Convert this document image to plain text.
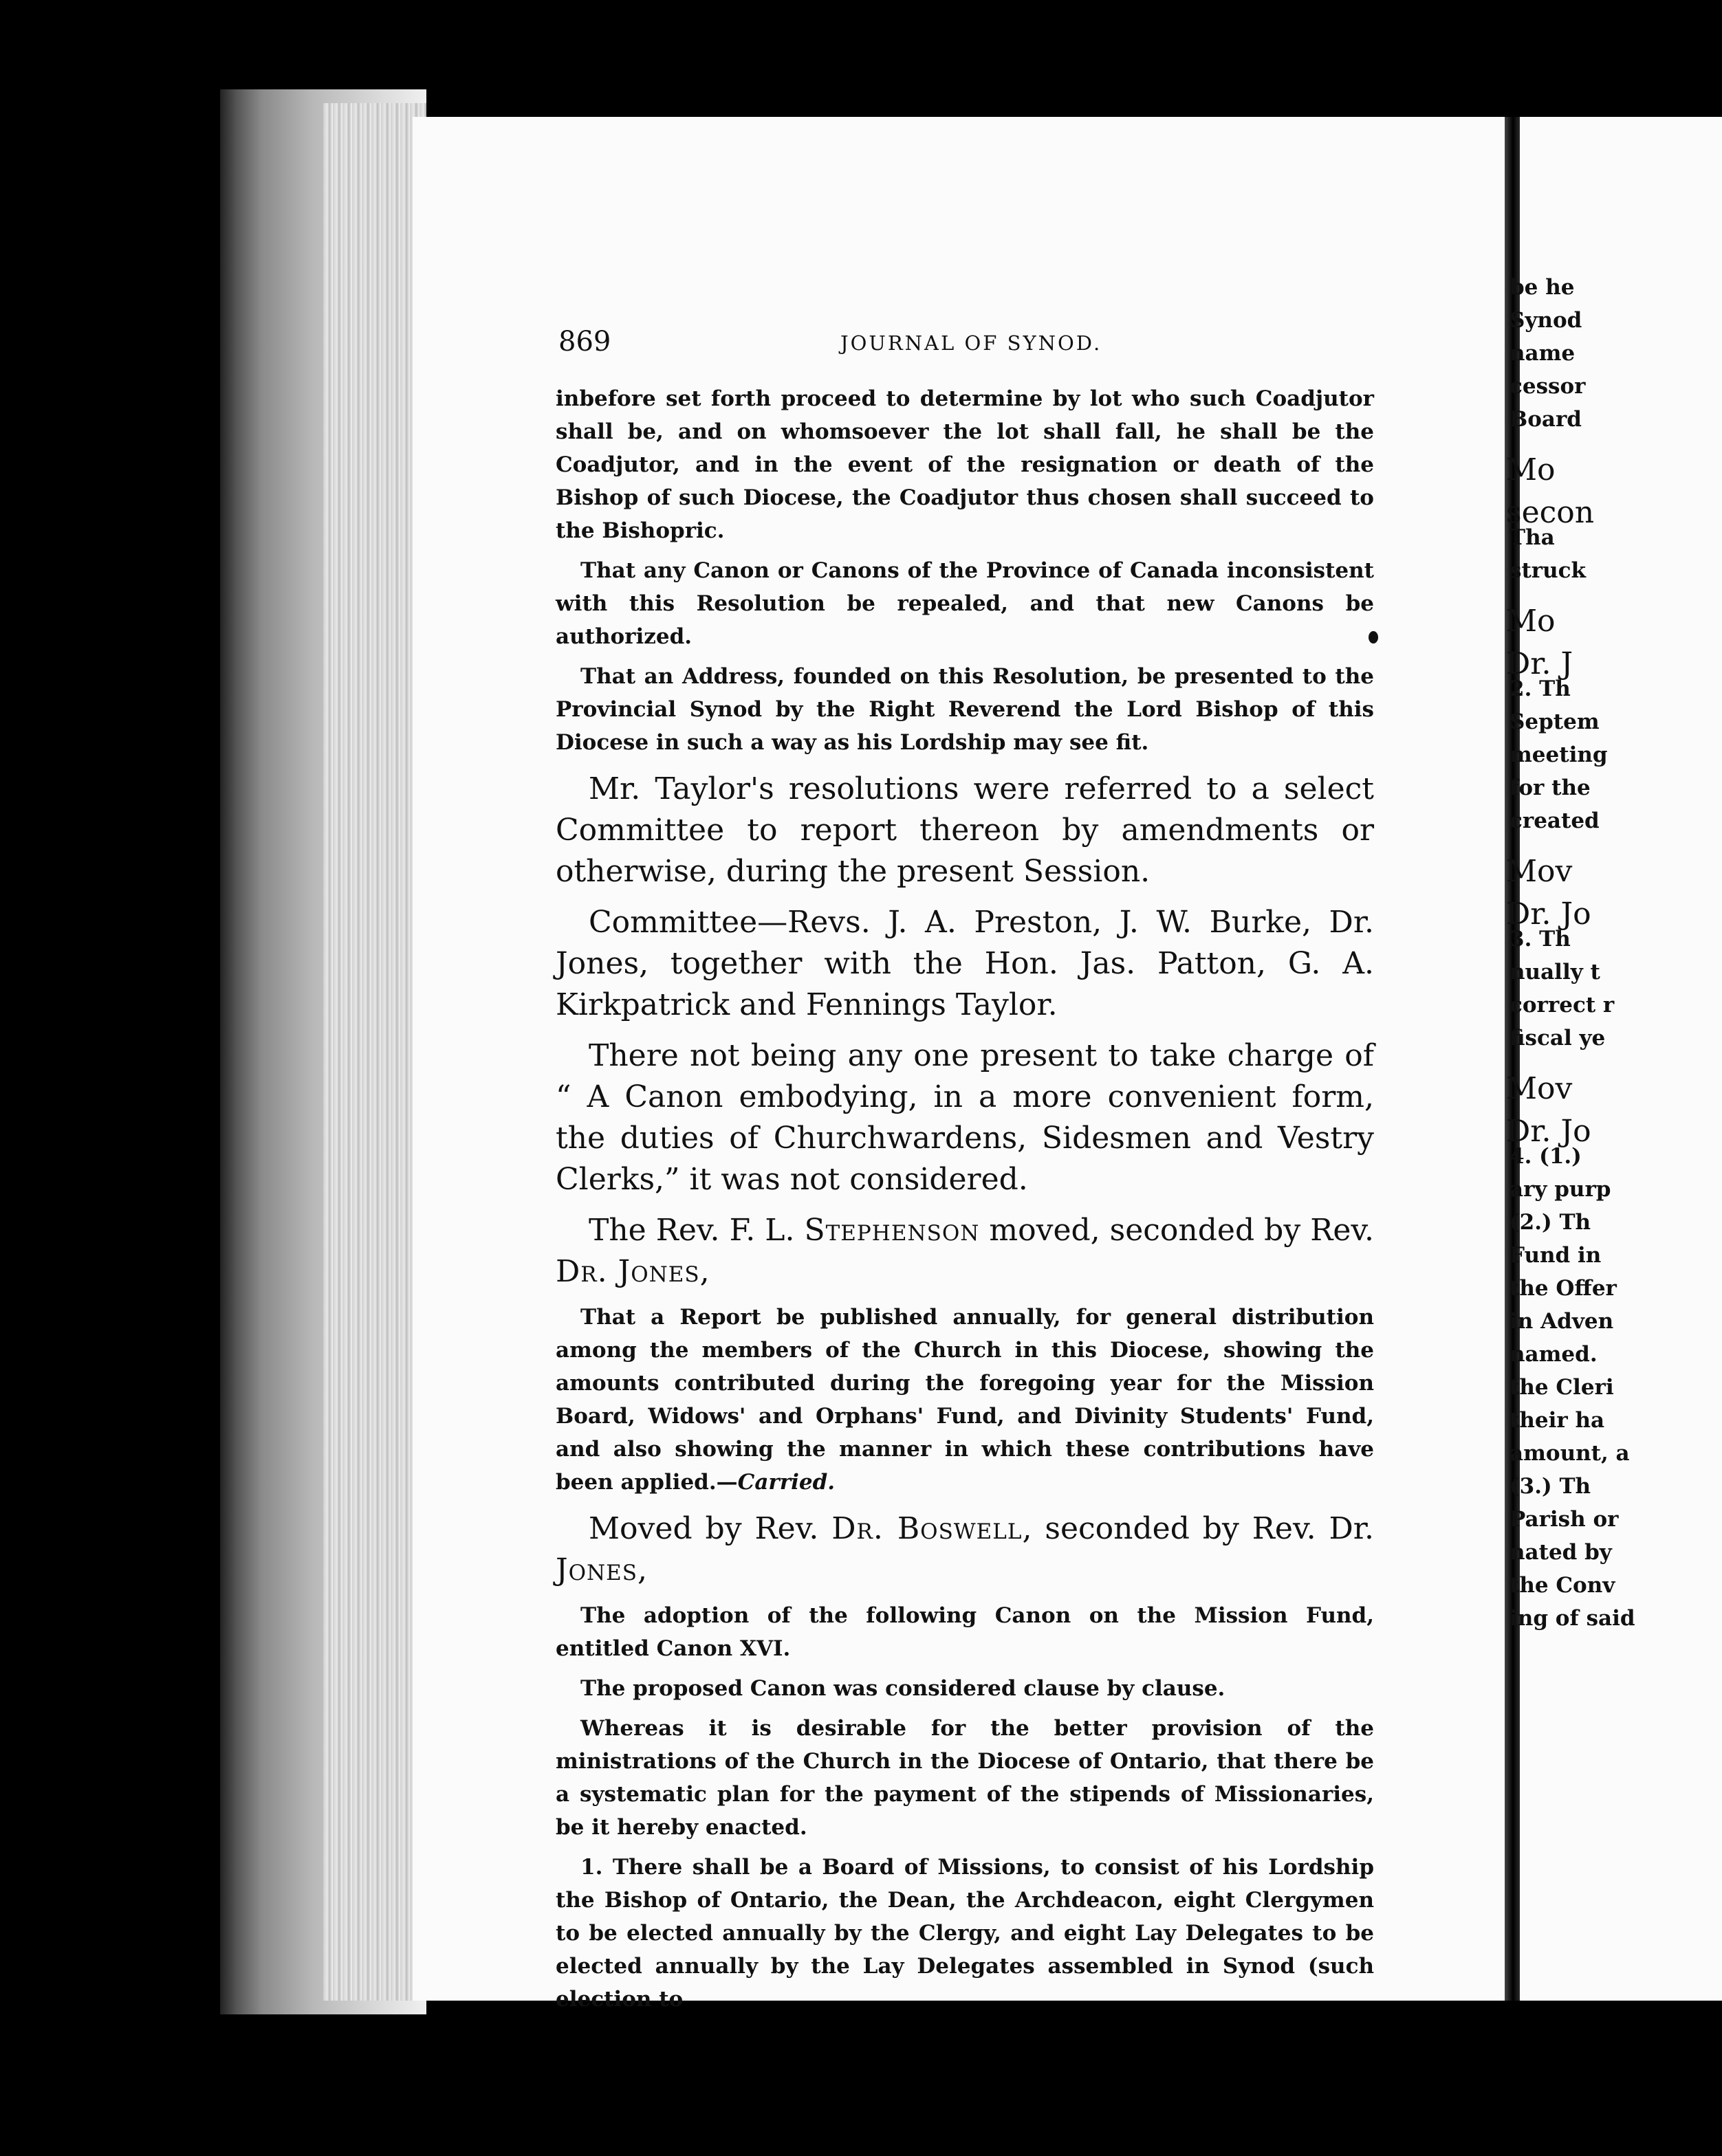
be he
Synod
name
cessor
Board
Mo
secon
Tha
struck
Mo
Dr. J
2. Th
Septem
meeting
for the
created
Mov
Dr. Jo
3. Th
nually t
correct r
fiscal ye
Mov
Dr. Jo
4. (1.)
ary purp
(2.) Th
Fund in
the Offer
in Adven
named.
the Cleri
their ha
amount, a
(3.) Th
Parish or
nated by
the Conv
ing of said
869	JOURNAL OF SYNOD.

inbefore set forth proceed to determine by lot who such Coadjutor shall be, and on whomsoever the lot shall fall, he shall be the Coadjutor, and in the event of the resignation or death of the Bishop of such Diocese, the Coadjutor thus chosen shall succeed to the Bishopric.

That any Canon or Canons of the Province of Canada inconsistent with this Resolution be repealed, and that new Canons be authorized.

That an Address, founded on this Resolution, be presented to the Provincial Synod by the Right Reverend the Lord Bishop of this Diocese in such a way as his Lordship may see fit.

Mr. Taylor's resolutions were referred to a select Committee to report thereon by amendments or otherwise, during the present Session.

Committee—Revs. J. A. Preston, J. W. Burke, Dr. Jones, together with the Hon. Jas. Patton, G. A. Kirkpatrick and Fennings Taylor.

There not being any one present to take charge of “ A Canon embodying, in a more convenient form, the duties of Churchwardens, Sidesmen and Vestry Clerks,” it was not considered.

The Rev. F. L. Stephenson moved, seconded by Rev. Dr. Jones,

That a Report be published annually, for general distribution among the members of the Church in this Diocese, showing the amounts contributed during the foregoing year for the Mission Board, Widows' and Orphans' Fund, and Divinity Students' Fund, and also showing the manner in which these contributions have been applied.—Carried.

Moved by Rev. Dr. Boswell, seconded by Rev. Dr. Jones,

The adoption of the following Canon on the Mission Fund, entitled Canon XVI.

The proposed Canon was considered clause by clause.

Whereas it is desirable for the better provision of the ministrations of the Church in the Diocese of Ontario, that there be a systematic plan for the payment of the stipends of Missionaries, be it hereby enacted.

1. There shall be a Board of Missions, to consist of his Lordship the Bishop of Ontario, the Dean, the Archdeacon, eight Clergymen to be elected annually by the Clergy, and eight Lay Delegates to be elected annually by the Lay Delegates assembled in Synod (such election to
